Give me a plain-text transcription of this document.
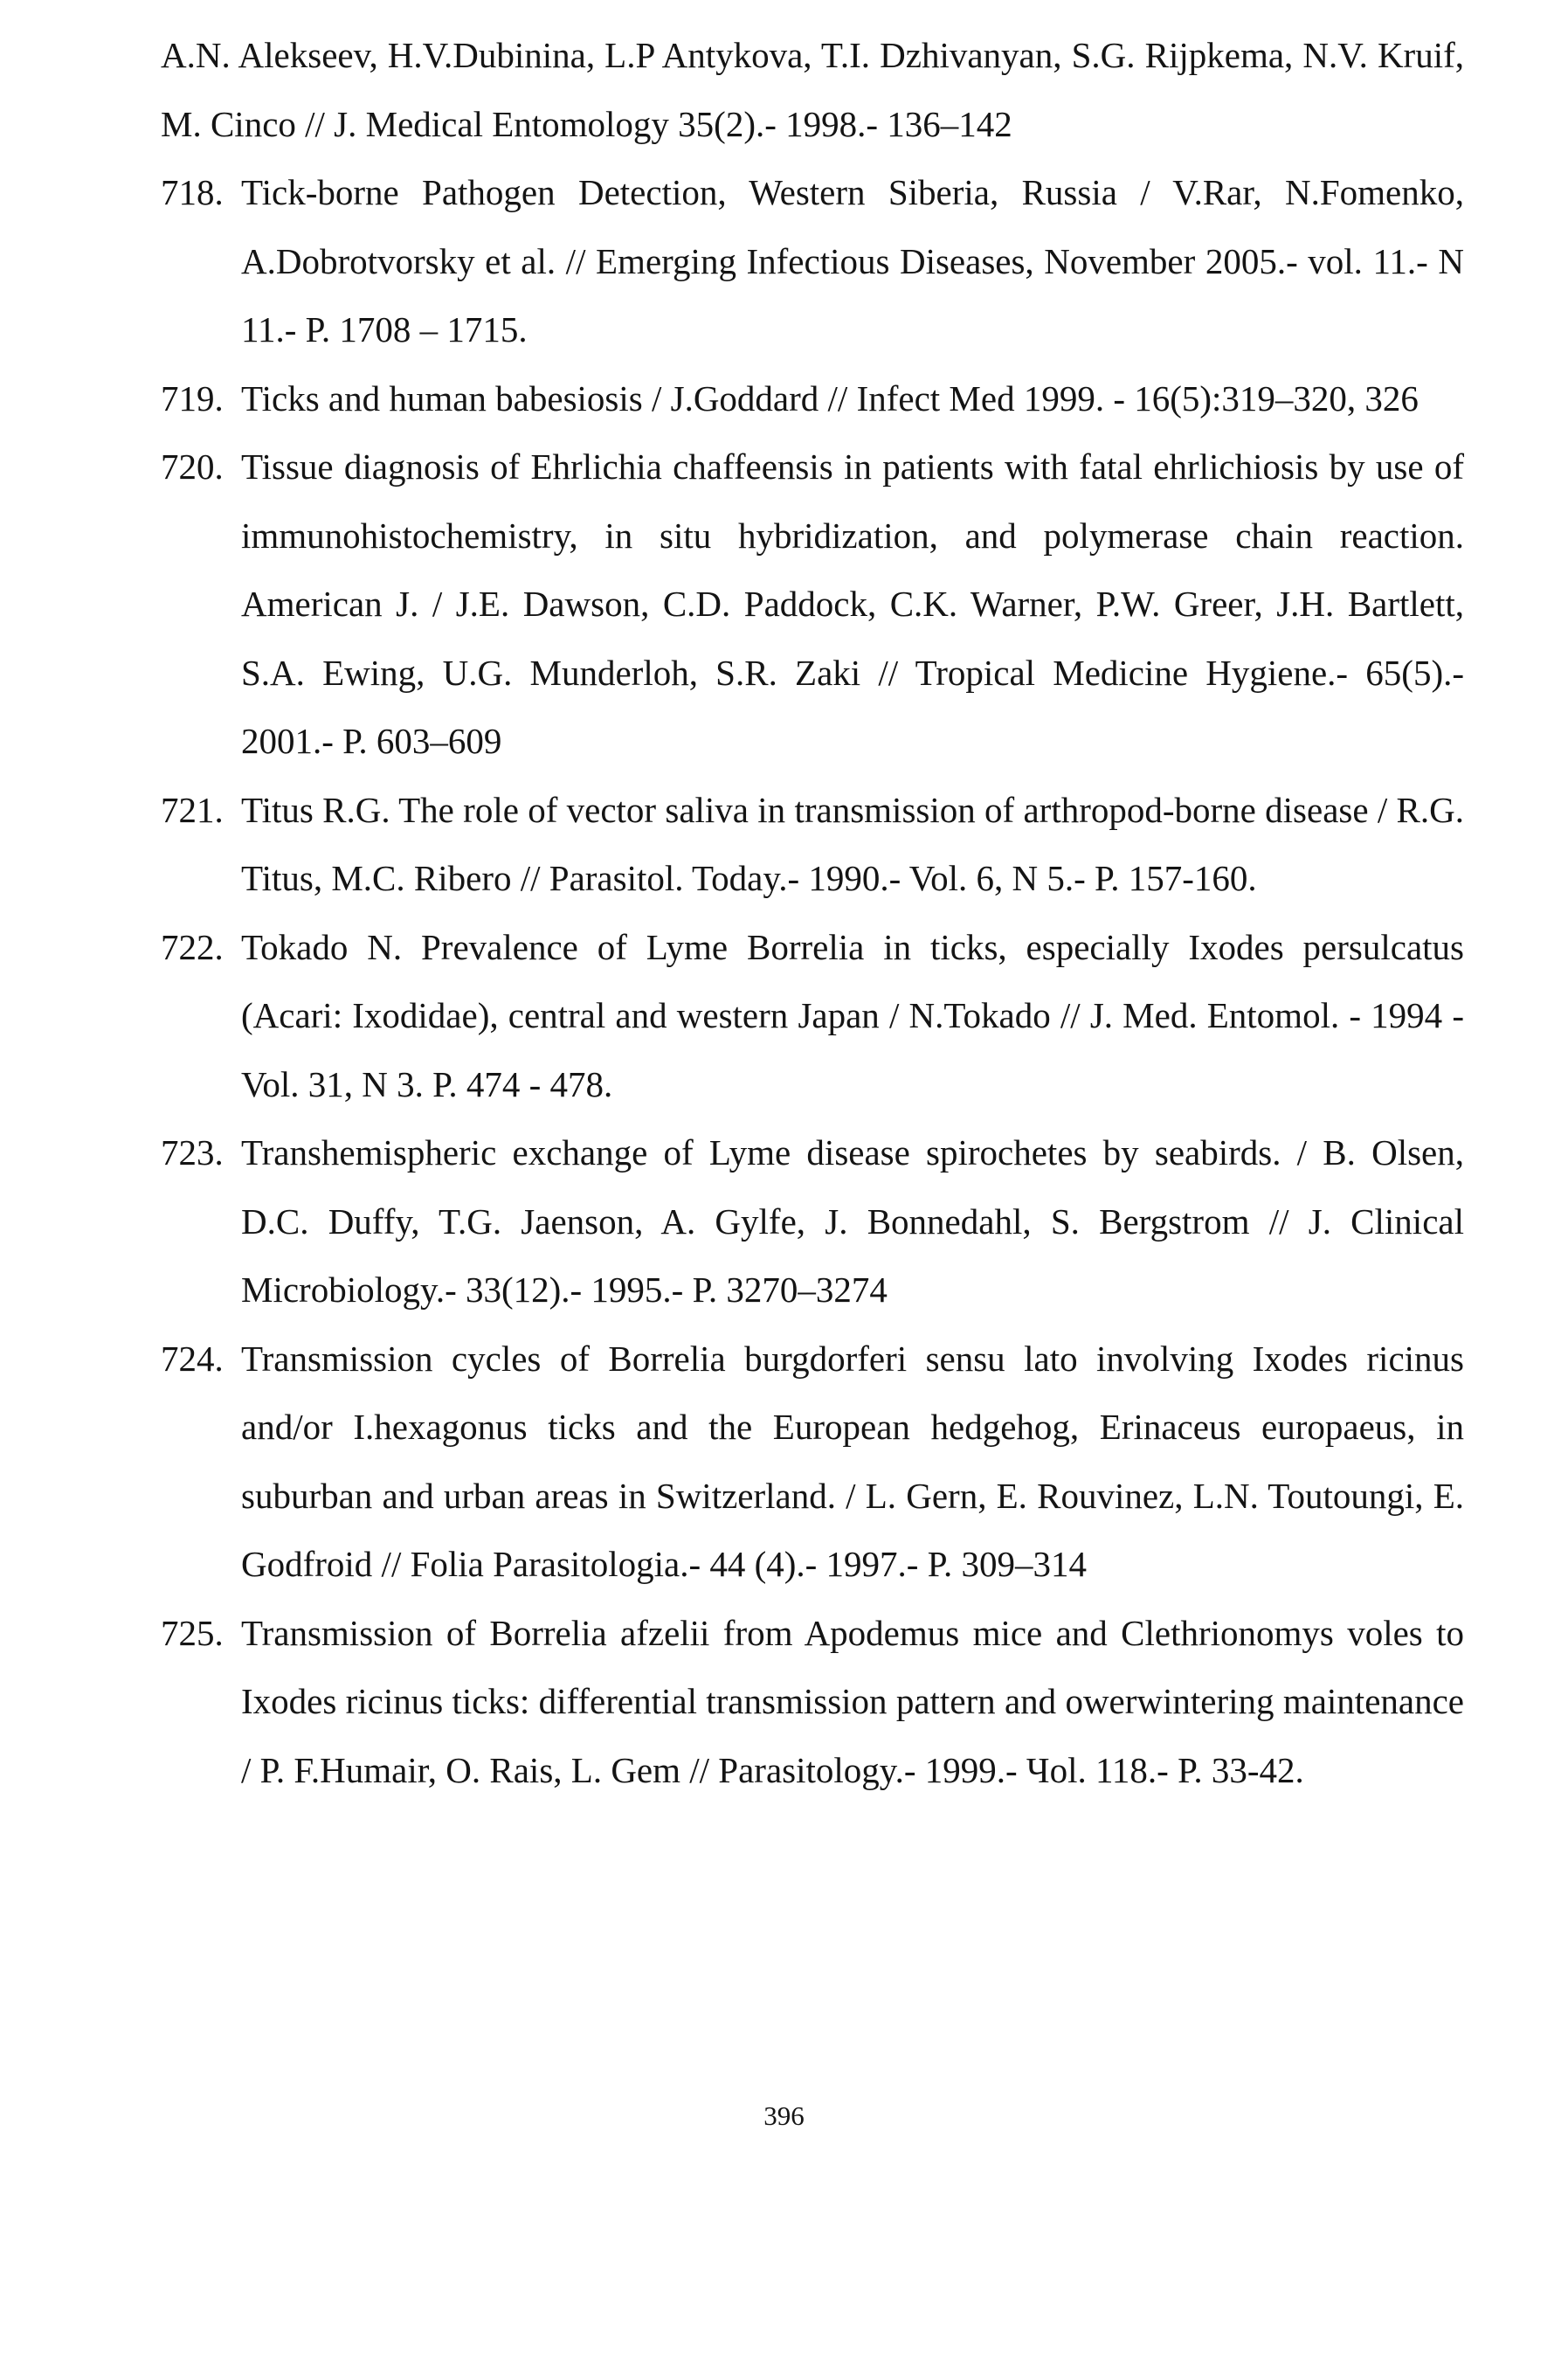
A.N. Alekseev, H.V.Dubinina, L.P Antykova, T.I. Dzhivanyan, S.G. Rijpkema, N.V. Kruif, M. Cinco // J. Medical Entomology 35(2).- 1998.- 136–142
718. Tick-borne Pathogen Detection, Western Siberia, Russia / V.Rar, N.Fomenko, A.Dobrotvorsky et al. // Emerging Infectious Diseases, November 2005.- vol. 11.- N 11.- P. 1708 – 1715.
719. Ticks and human babesiosis / J.Goddard // Infect Med 1999. - 16(5):319–320, 326
720. Tissue diagnosis of Ehrlichia chaffeensis in patients with fatal ehrlichiosis by use of immunohistochemistry, in situ hybridization, and polymerase chain reaction. American J. / J.E. Dawson, C.D. Paddock, C.K. Warner, P.W. Greer, J.H. Bartlett, S.A. Ewing, U.G. Munderloh, S.R. Zaki // Tropical Medicine Hygiene.- 65(5).- 2001.- P. 603–609
721. Titus R.G. The role of vector saliva in transmission of arthropod-borne disease / R.G. Titus, M.C. Ribero // Parasitol. Today.- 1990.- Vol. 6, N 5.- P. 157-160.
722. Tokado N. Prevalence of Lyme Borrelia in ticks, especially Ixodes persulcatus (Acari: Ixodidae), central and western Japan / N.Tokado // J. Med. Entomol. - 1994 - Vol. 31, N 3. P. 474 - 478.
723. Transhemispheric exchange of Lyme disease spirochetes by seabirds. / B. Olsen, D.C. Duffy, T.G. Jaenson, A. Gylfe, J. Bonnedahl, S. Bergstrom // J. Clinical Microbiology.- 33(12).- 1995.- P. 3270–3274
724. Transmission cycles of Borrelia burgdorferi sensu lato involving Ixodes ricinus and/or I.hexagonus ticks and the European hedgehog, Erinaceus europaeus, in suburban and urban areas in Switzerland. / L. Gern, E. Rouvinez, L.N. Toutoungi, E. Godfroid // Folia Parasitologia.- 44 (4).- 1997.- P. 309–314
725. Transmission of Borrelia afzelii from Apodemus mice and Clethrionomys voles to Ixodes ricinus ticks: differential transmission pattern and owerwintering maintenance / P. F.Humair, O. Rais, L. Gem // Parasitology.- 1999.- Чol. 118.- P. 33-42.
396
